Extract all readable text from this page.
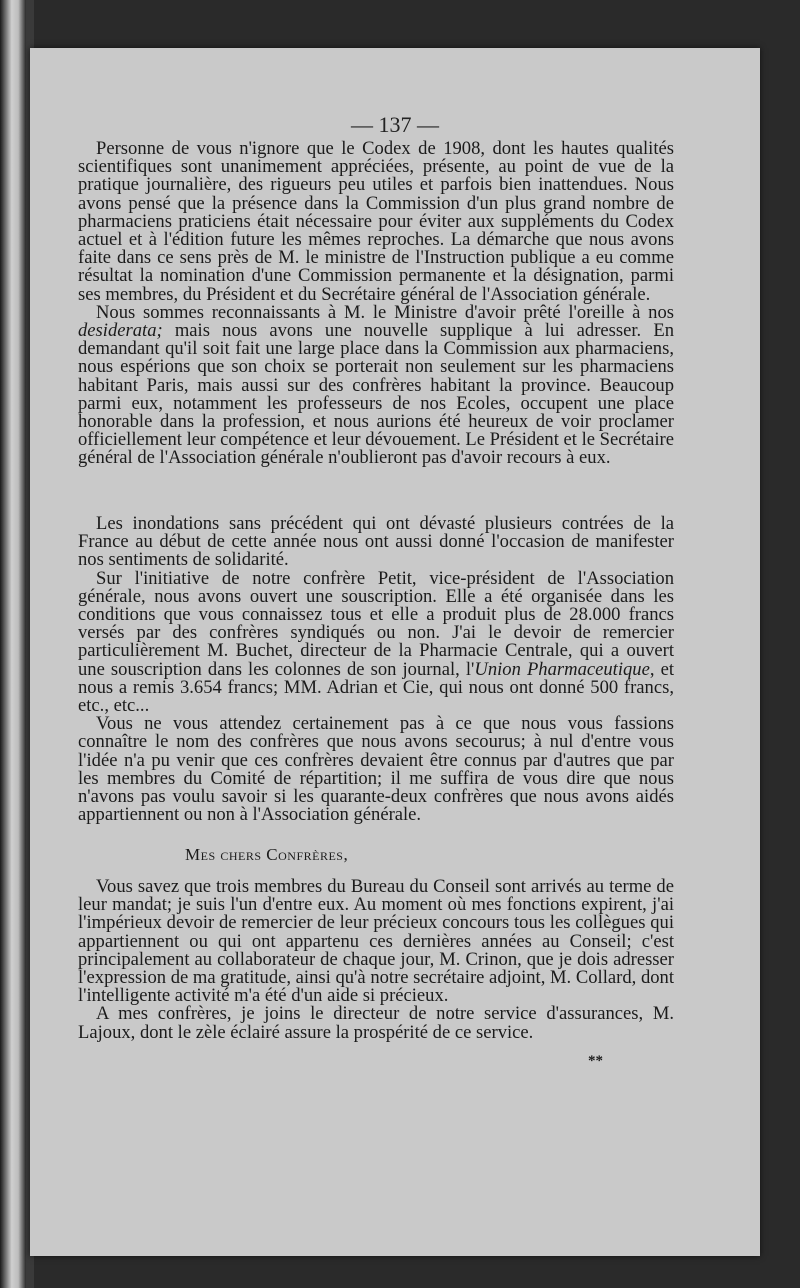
— 137 —

Personne de vous n'ignore que le Codex de 1908, dont les hautes qualités scientifiques sont unanimement appréciées, présente, au point de vue de la pratique journalière, des rigueurs peu utiles et parfois bien inattendues. Nous avons pensé que la présence dans la Commission d'un plus grand nombre de pharmaciens praticiens était nécessaire pour éviter aux suppléments du Codex actuel et à l'édition future les mêmes reproches. La démarche que nous avons faite dans ce sens près de M. le ministre de l'Instruction publique a eu comme résultat la nomination d'une Commission permanente et la désignation, parmi ses membres, du Président et du Secrétaire général de l'Association générale.

Nous sommes reconnaissants à M. le Ministre d'avoir prêté l'oreille à nos desiderata; mais nous avons une nouvelle supplique à lui adresser. En demandant qu'il soit fait une large place dans la Commission aux pharmaciens, nous espérions que son choix se porterait non seulement sur les pharmaciens habitant Paris, mais aussi sur des confrères habitant la province. Beaucoup parmi eux, notamment les professeurs de nos Ecoles, occupent une place honorable dans la profession, et nous aurions été heureux de voir proclamer officiellement leur compétence et leur dévouement. Le Président et le Secrétaire général de l'Association générale n'oublieront pas d'avoir recours à eux.

Les inondations sans précédent qui ont dévasté plusieurs contrées de la France au début de cette année nous ont aussi donné l'occasion de manifester nos sentiments de solidarité.

Sur l'initiative de notre confrère Petit, vice-président de l'Association générale, nous avons ouvert une souscription. Elle a été organisée dans les conditions que vous connaissez tous et elle a produit plus de 28.000 francs versés par des confrères syndiqués ou non. J'ai le devoir de remercier particulièrement M. Buchet, directeur de la Pharmacie Centrale, qui a ouvert une souscription dans les colonnes de son journal, l'Union Pharmaceutique, et nous a remis 3.654 francs; MM. Adrian et Cie, qui nous ont donné 500 francs, etc., etc...

Vous ne vous attendez certainement pas à ce que nous vous fassions connaître le nom des confrères que nous avons secourus; à nul d'entre vous l'idée n'a pu venir que ces confrères devaient être connus par d'autres que par les membres du Comité de répartition; il me suffira de vous dire que nous n'avons pas voulu savoir si les quarante-deux confrères que nous avons aidés appartiennent ou non à l'Association générale.

Mes chers Confrères,

Vous savez que trois membres du Bureau du Conseil sont arrivés au terme de leur mandat; je suis l'un d'entre eux. Au moment où mes fonctions expirent, j'ai l'impérieux devoir de remercier de leur précieux concours tous les collègues qui appartiennent ou qui ont appartenu ces dernières années au Conseil; c'est principalement au collaborateur de chaque jour, M. Crinon, que je dois adresser l'expression de ma gratitude, ainsi qu'à notre secrétaire adjoint, M. Collard, dont l'intelligente activité m'a été d'un aide si précieux.

A mes confrères, je joins le directeur de notre service d'assurances, M. Lajoux, dont le zèle éclairé assure la prospérité de ce service.

**
